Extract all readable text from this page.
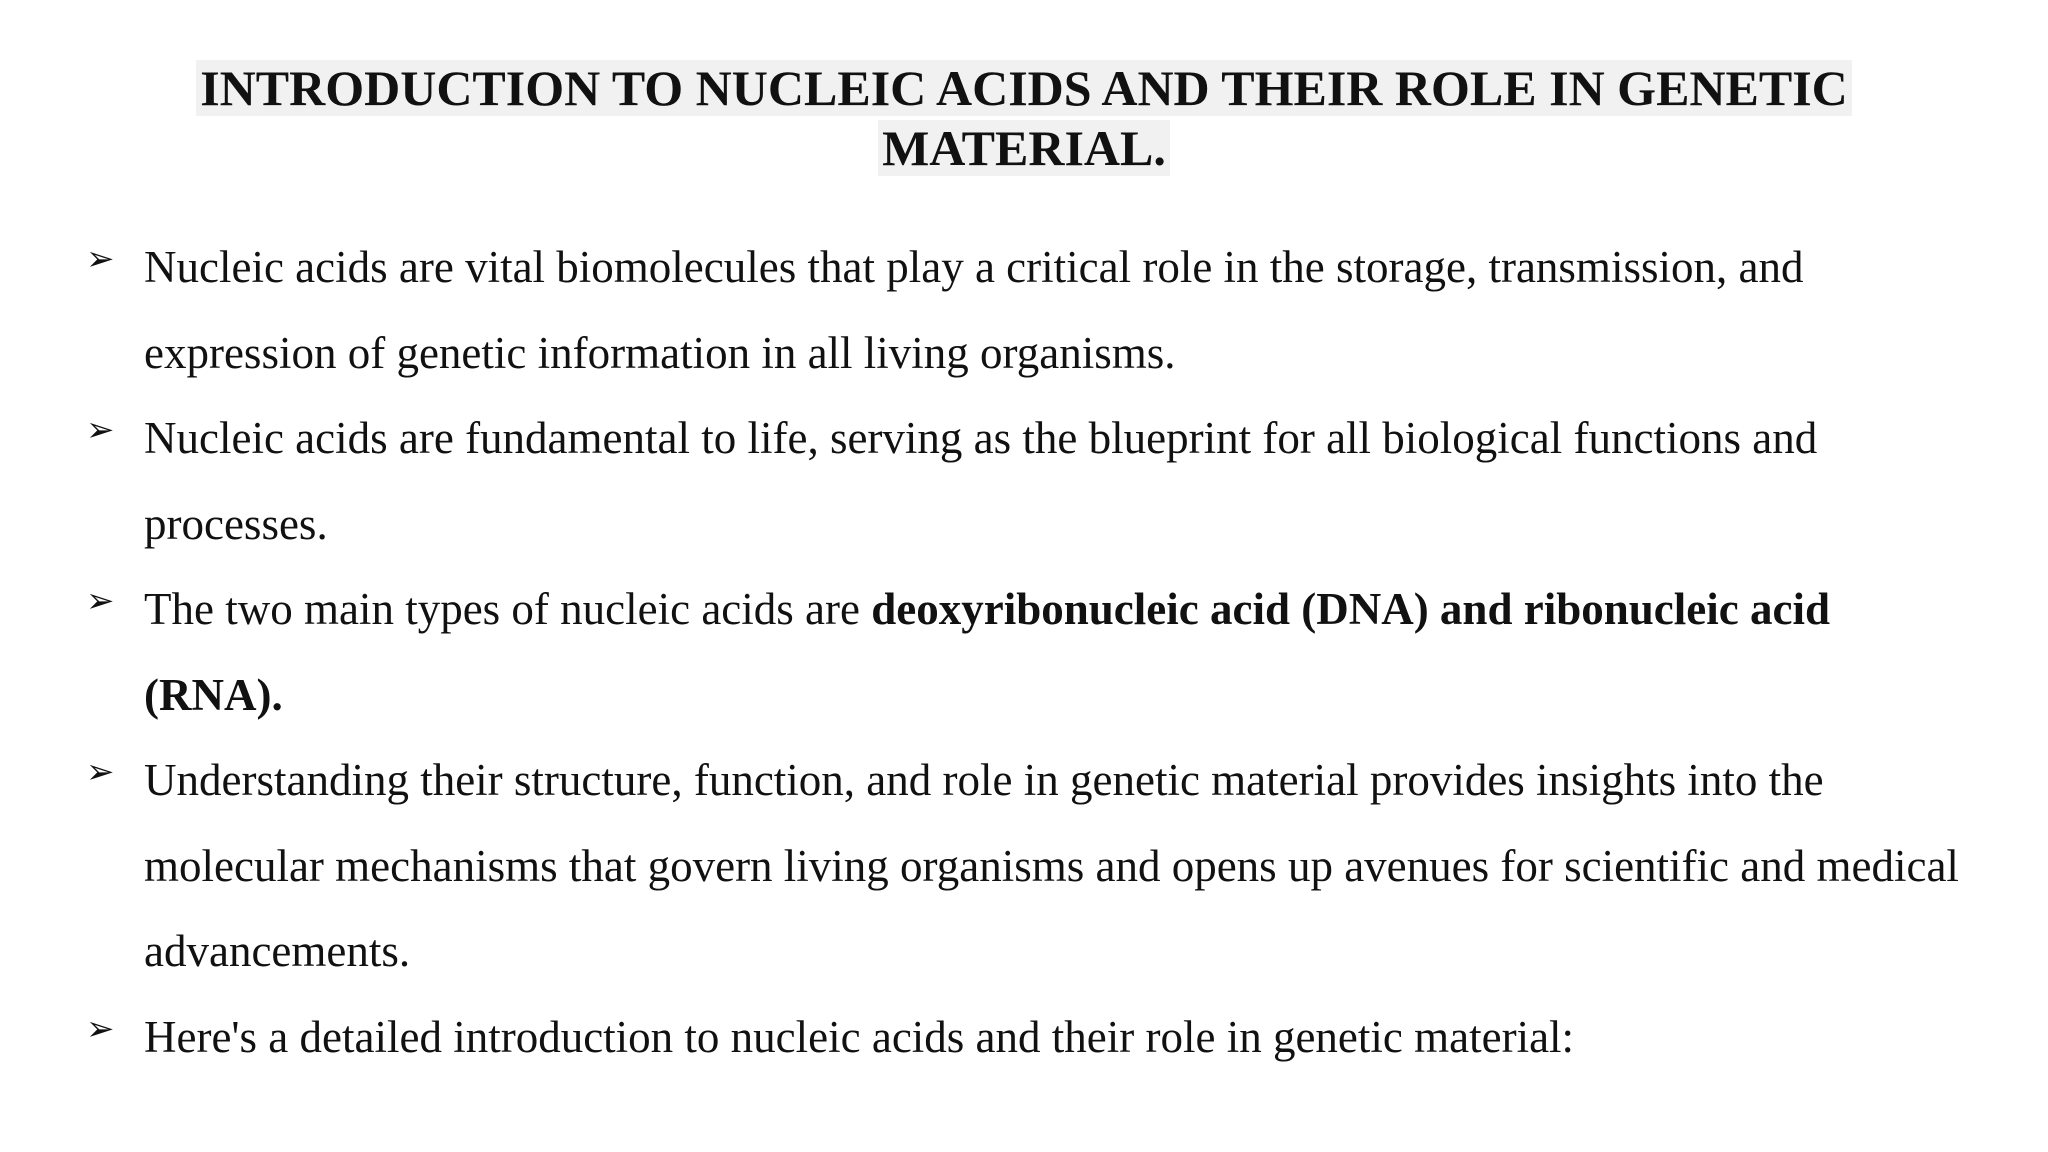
INTRODUCTION TO NUCLEIC ACIDS AND THEIR ROLE IN GENETIC
MATERIAL.
➢ Nucleic acids are vital biomolecules that play a critical role in the storage, transmission, and expression of genetic information in all living organisms.
➢ Nucleic acids are fundamental to life, serving as the blueprint for all biological functions and processes.
➢ The two main types of nucleic acids are deoxyribonucleic acid (DNA) and ribonucleic acid (RNA).
➢ Understanding their structure, function, and role in genetic material provides insights into the molecular mechanisms that govern living organisms and opens up avenues for scientific and medical advancements.
➢ Here's a detailed introduction to nucleic acids and their role in genetic material:
